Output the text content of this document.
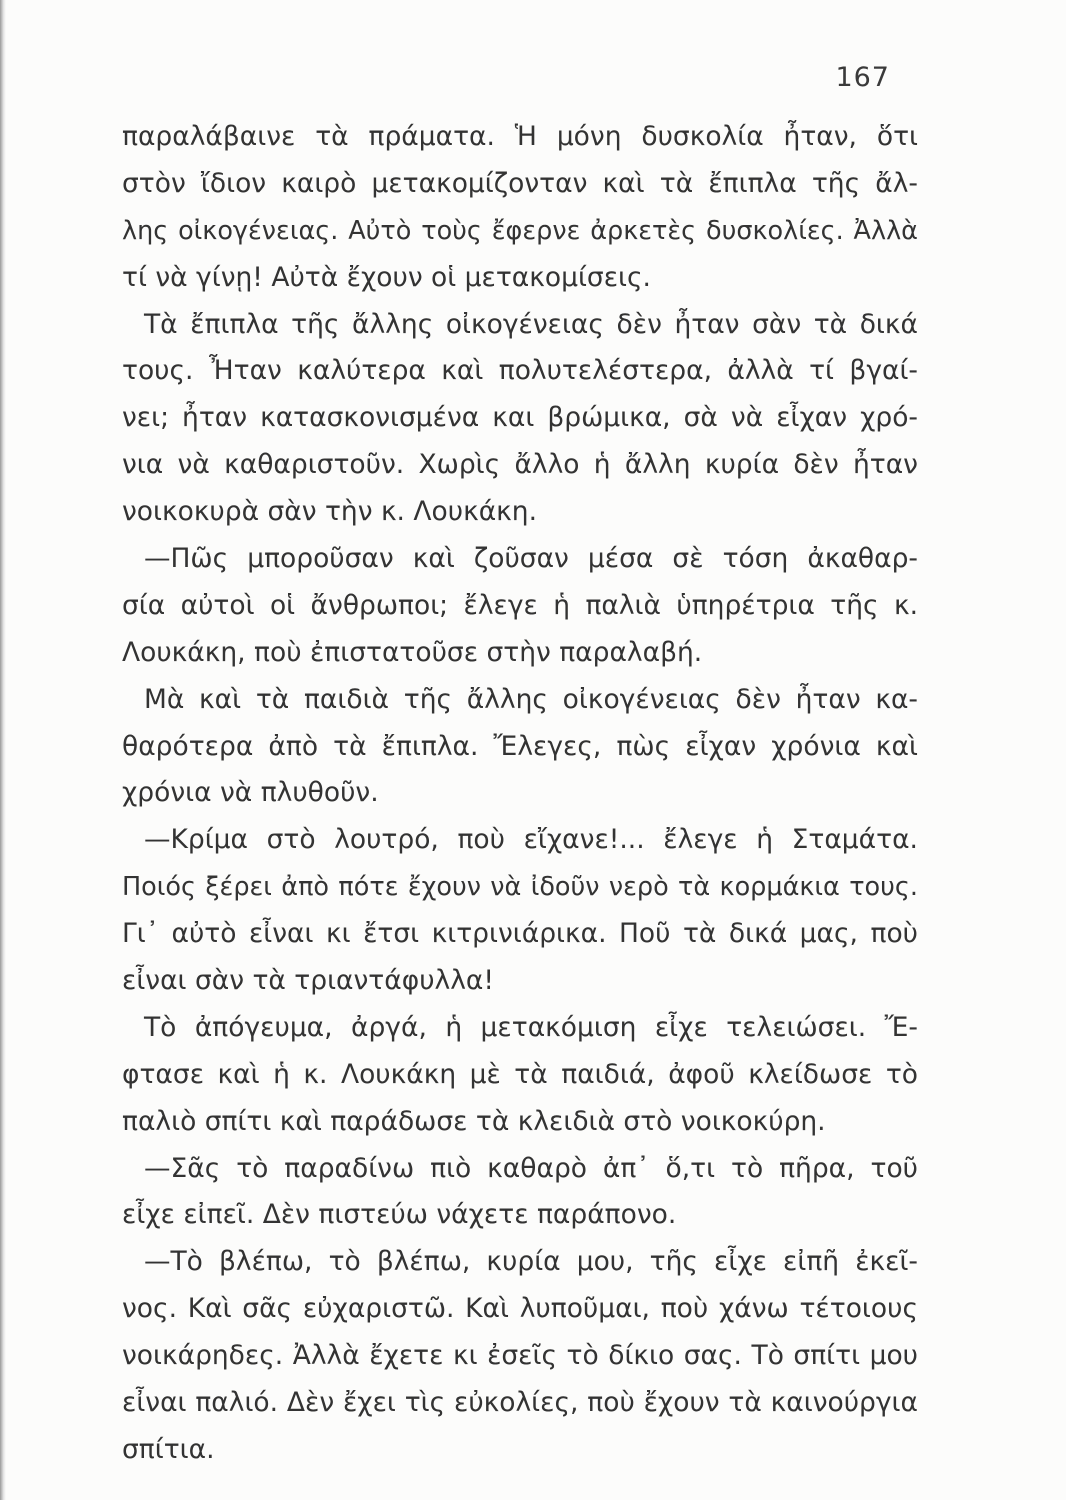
167
παραλάβαινε τὰ πράματα. Ἡ μόνη δυσκολία ἦταν, ὅτι
στὸν ἴδιον καιρὸ μετακομίζονταν καὶ τὰ ἔπιπλα τῆς ἄλ-
λης οἰκογένειας. Αὐτὸ τοὺς ἔφερνε ἀρκετὲς δυσκολίες. Ἀλλὰ
τί νὰ γίνῃ! Αὐτὰ ἔχουν οἱ μετακομίσεις.
Τὰ ἔπιπλα τῆς ἄλλης οἰκογένειας δὲν ἦταν σὰν τὰ δικά
τους. Ἦταν καλύτερα καὶ πολυτελέστερα, ἀλλὰ τί βγαί-
νει; ἦταν κατασκονισμένα και βρώμικα, σὰ νὰ εἶχαν χρό-
νια νὰ καθαριστοῦν. Χωρὶς ἄλλο ἡ ἄλλη κυρία δὲν ἦταν
νοικοκυρὰ σὰν τὴν κ. Λουκάκη.
—Πῶς μποροῦσαν καὶ ζοῦσαν μέσα σὲ τόση ἀκαθαρ-
σία αὐτοὶ οἱ ἄνθρωποι; ἔλεγε ἡ παλιὰ ὑπηρέτρια τῆς κ.
Λουκάκη, ποὺ ἐπιστατοῦσε στὴν παραλαβή.
Μὰ καὶ τὰ παιδιὰ τῆς ἄλλης οἰκογένειας δὲν ἦταν κα-
θαρότερα ἀπὸ τὰ ἔπιπλα. Ἔλεγες, πὼς εἶχαν χρόνια καὶ
χρόνια νὰ πλυθοῦν.
—Κρίμα στὸ λουτρό, ποὺ εἴχανε!... ἔλεγε ἡ Σταμάτα.
Ποιός ξέρει ἀπὸ πότε ἔχουν νὰ ἰδοῦν νερὸ τὰ κορμάκια τους.
Γι᾿ αὐτὸ εἶναι κι ἔτσι κιτρινιάρικα. Πoῦ τὰ δικά μας, ποὺ
εἶναι σὰν τὰ τριαντάφυλλα!
Τὸ ἀπόγευμα, ἀργά, ἡ μετακόμιση εἶχε τελειώσει. Ἔ-
φτασε καὶ ἡ κ. Λουκάκη μὲ τὰ παιδιά, ἀφοῦ κλείδωσε τὸ
παλιὸ σπίτι καὶ παράδωσε τὰ κλειδιὰ στὸ νοικοκύρη.
—Σᾶς τὸ παραδίνω πιὸ καθαρὸ ἀπ᾿ ὅ,τι τὸ πῆρα, τοῦ
εἶχε εἰπεῖ. Δὲν πιστεύω νάχετε παράπονο.
—Τὸ βλέπω, τὸ βλέπω, κυρία μου, τῆς εἶχε εἰπῆ ἐκεῖ-
νος. Καὶ σᾶς εὐχαριστῶ. Καὶ λυποῦμαι, ποὺ χάνω τέτοιους
νοικάρηδες. Ἀλλὰ ἔχετε κι ἐσεῖς τὸ δίκιο σας. Τὸ σπίτι μου
εἶναι παλιό. Δὲν ἔχει τὶς εὐκολίες, ποὺ ἔχουν τὰ καινούργια
σπίτια.
